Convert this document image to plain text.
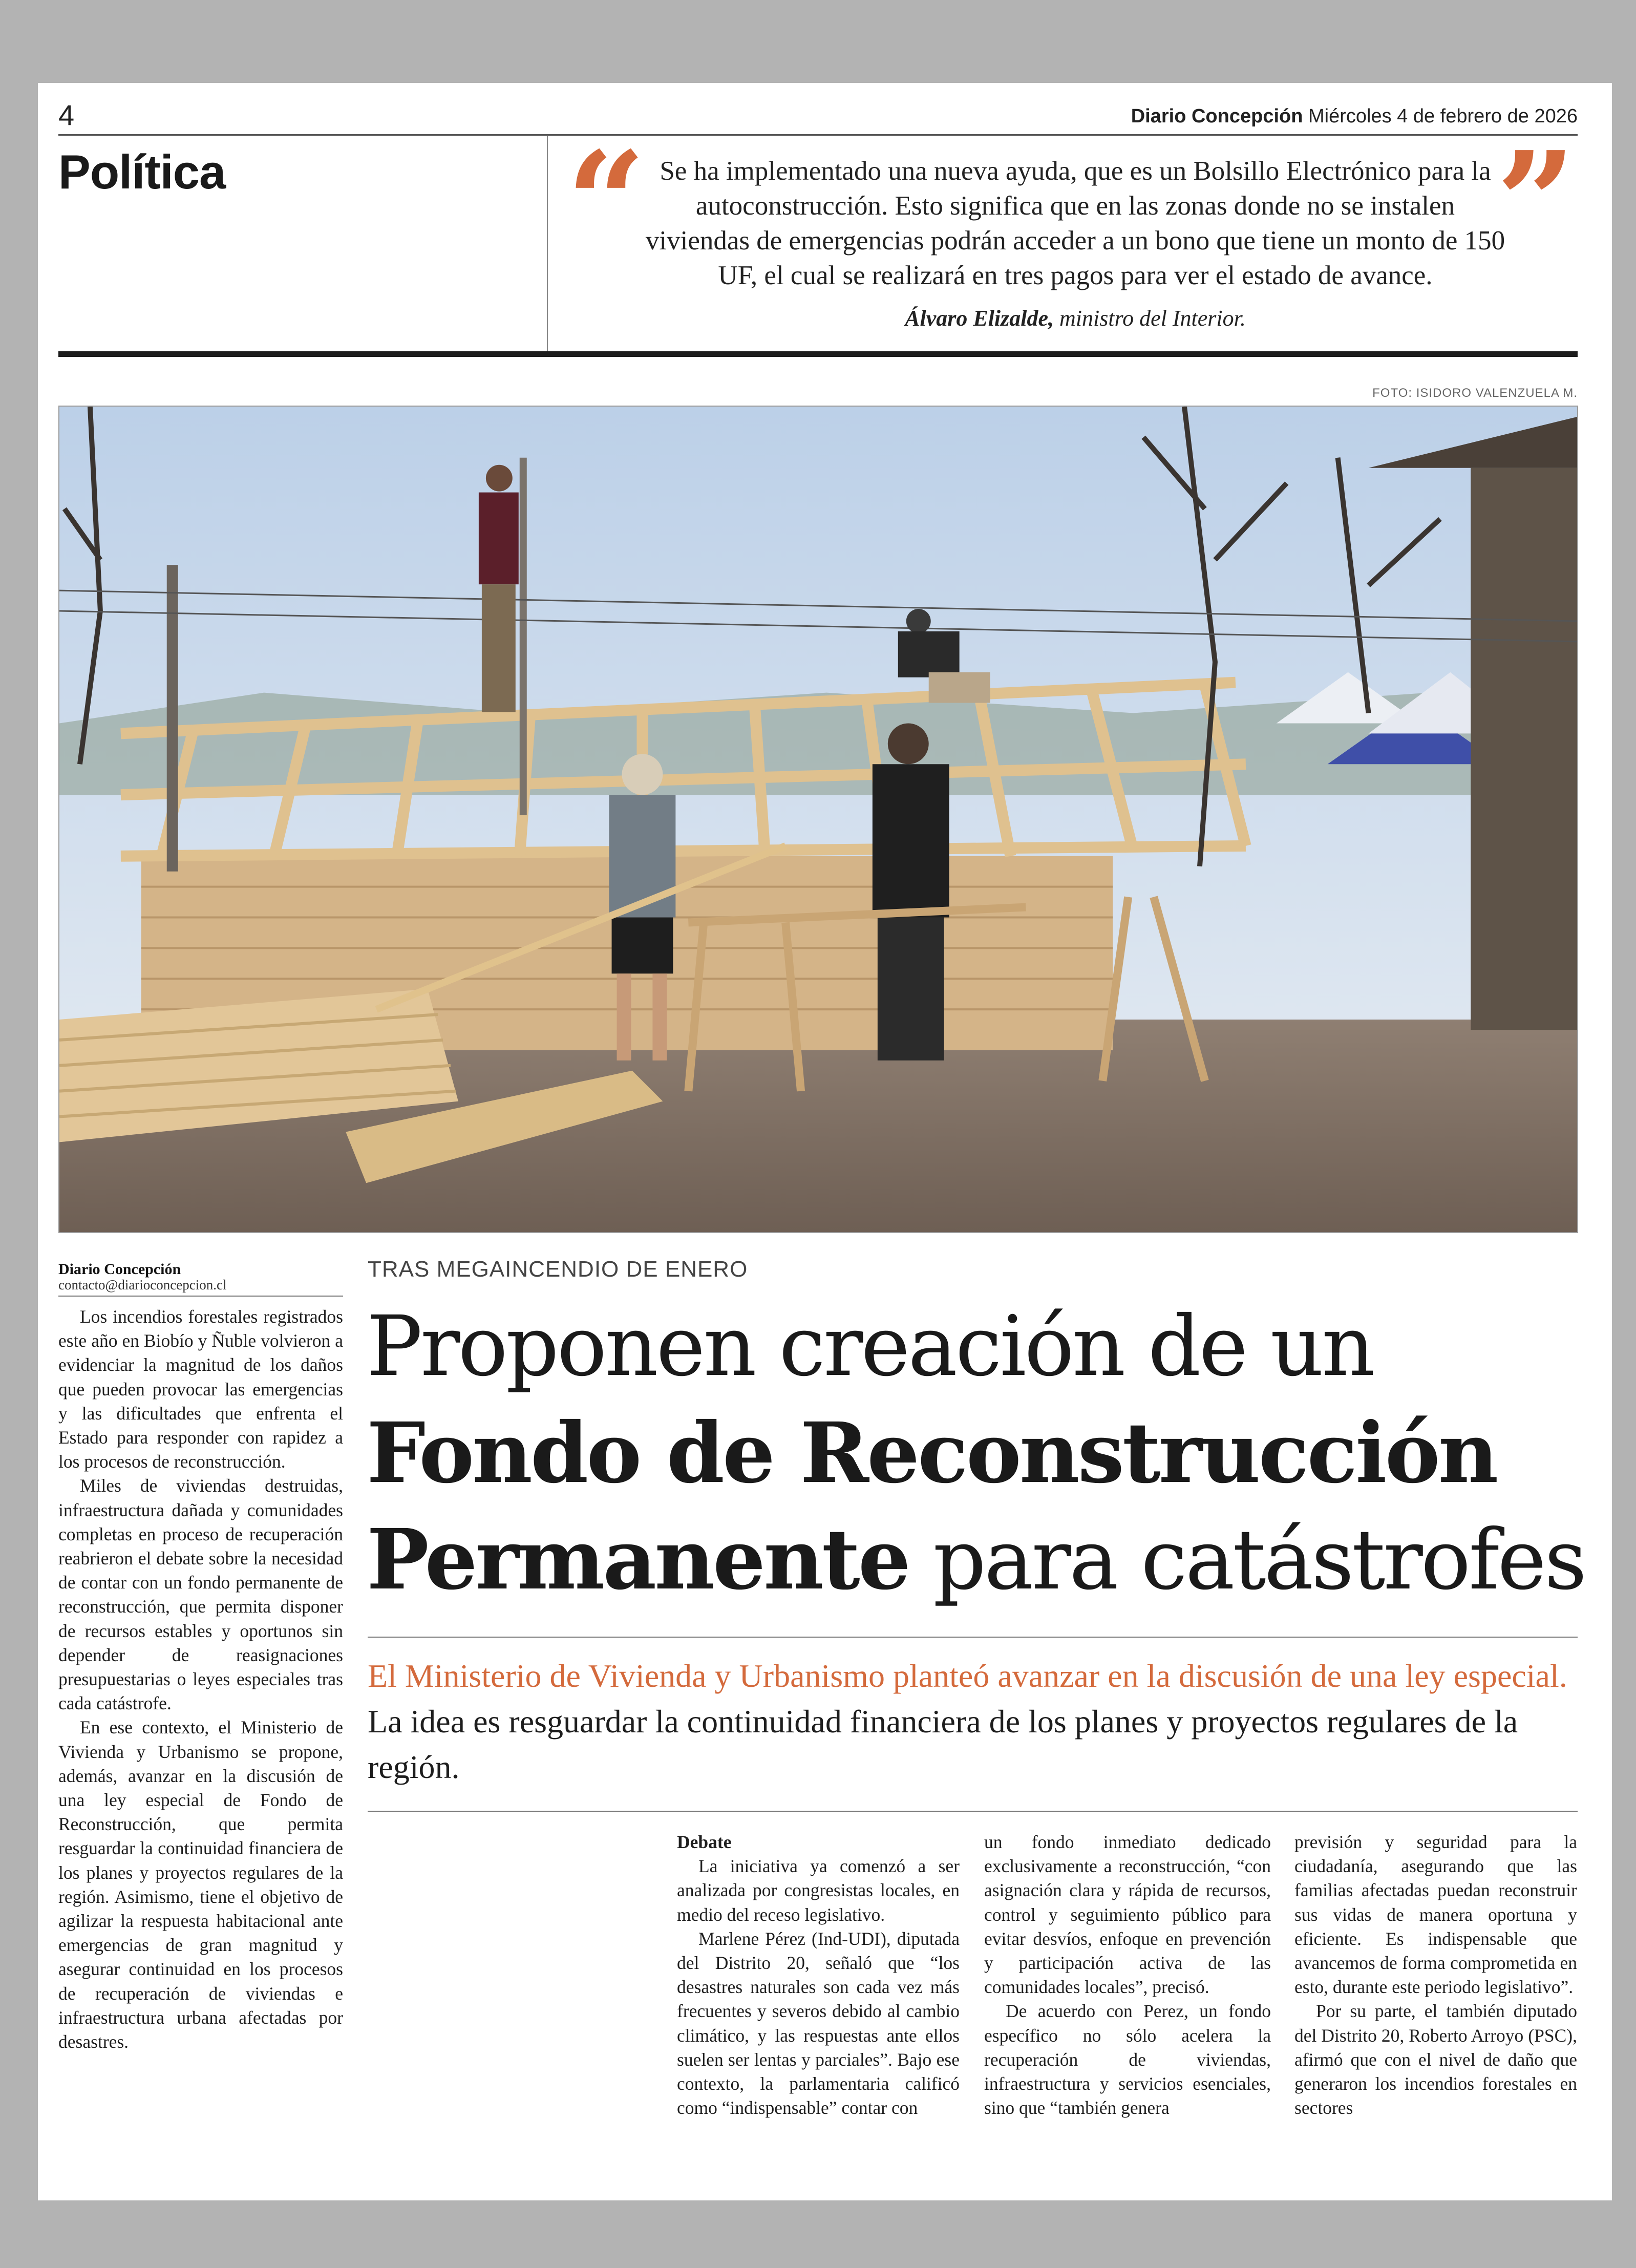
4	Diario Concepción Miércoles 4 de febrero de 2026
Política “	”
Se ha implementado una nueva ayuda, que es un Bolsillo Electrónico para la autoconstrucción. Esto significa que en las zonas donde no se instalen viviendas de emergencias podrán acceder a un bono que tiene un monto de 150 UF, el cual se realizará en tres pagos para ver el estado de avance.
Álvaro Elizalde, ministro del Interior.
FOTO: ISIDORO VALENZUELA M.
Diario Concepción
contacto@diarioconcepcion.cl

Los incendios forestales registrados este año en Biobío y Ñuble volvieron a evidenciar la magnitud de los daños que pueden provocar las emergencias y las dificultades que enfrenta el Estado para responder con rapidez a los procesos de reconstrucción.

Miles de viviendas destruidas, infraestructura dañada y comunidades completas en proceso de recuperación reabrieron el debate sobre la necesidad de contar con un fondo permanente de reconstrucción, que permita disponer de recursos estables y oportunos sin depender de reasignaciones presupuestarias o leyes especiales tras cada catástrofe.

En ese contexto, el Ministerio de Vivienda y Urbanismo se propone, además, avanzar en la discusión de una ley especial de Fondo de Reconstrucción, que permita resguardar la continuidad financiera de los planes y proyectos regulares de la región. Asimismo, tiene el objetivo de agilizar la respuesta habitacional ante emergencias de gran magnitud y asegurar continuidad en los procesos de recuperación de viviendas e infraestructura urbana afectadas por desastres.

TRAS MEGAINCENDIO DE ENERO
Proponen creación de un
Fondo de Reconstrucción
Permanente para catástrofes
El Ministerio de Vivienda y Urbanismo planteó avanzar en la discusión de una ley especial. La idea es resguardar la continuidad financiera de los planes y proyectos regulares de la región.
Debate

La iniciativa ya comenzó a ser analizada por congresistas locales, en medio del receso legislativo.

Marlene Pérez (Ind-UDI), diputada del Distrito 20, señaló que “los desastres naturales son cada vez más frecuentes y severos debido al cambio climático, y las respuestas ante ellos suelen ser lentas y parciales”. Bajo ese contexto, la parlamentaria calificó como “indispensable” contar con

un fondo inmediato dedicado exclusivamente a reconstrucción, “con asignación clara y rápida de recursos, control y seguimiento público para evitar desvíos, enfoque en prevención y participación activa de las comunidades locales”, precisó.

De acuerdo con Perez, un fondo específico no sólo acelera la recuperación de viviendas, infraestructura y servicios esenciales, sino que “también genera

previsión y seguridad para la ciudadanía, asegurando que las familias afectadas puedan reconstruir sus vidas de manera oportuna y eficiente. Es indispensable que avancemos de forma comprometida en esto, durante este periodo legislativo”.

Por su parte, el también diputado del Distrito 20, Roberto Arroyo (PSC), afirmó que con el nivel de daño que generaron los incendios forestales en sectores
